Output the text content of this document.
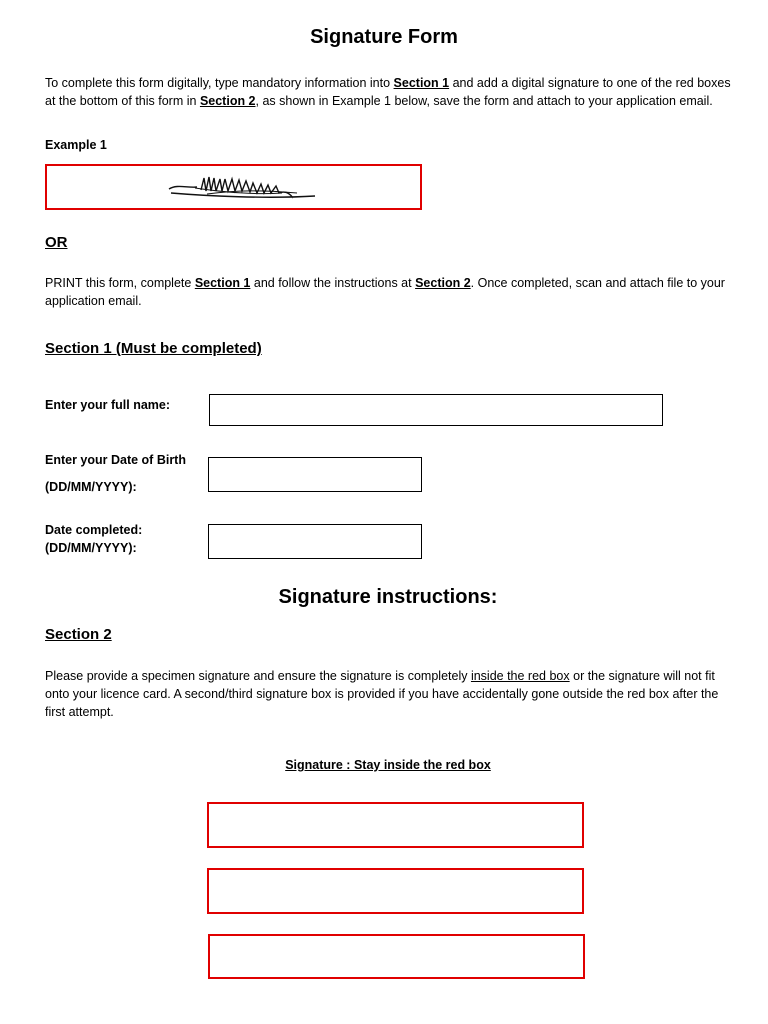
Signature Form
To complete this form digitally, type mandatory information into Section 1 and add a digital signature to one of the red boxes at the bottom of this form in Section 2, as shown in Example 1 below, save the form and attach to your application email.
Example 1
OR
PRINT this form, complete Section 1 and follow the instructions at Section 2. Once completed, scan and attach file to your application email.
Section 1 (Must be completed)
Enter your full name:
Enter your Date of Birth
(DD/MM/YYYY):
Date completed:
(DD/MM/YYYY):
Signature instructions:
Section 2
Please provide a specimen signature and ensure the signature is completely inside the red box or the signature will not fit onto your licence card. A second/third signature box is provided if you have accidentally gone outside the red box after the first attempt.
Signature : Stay inside the red box
